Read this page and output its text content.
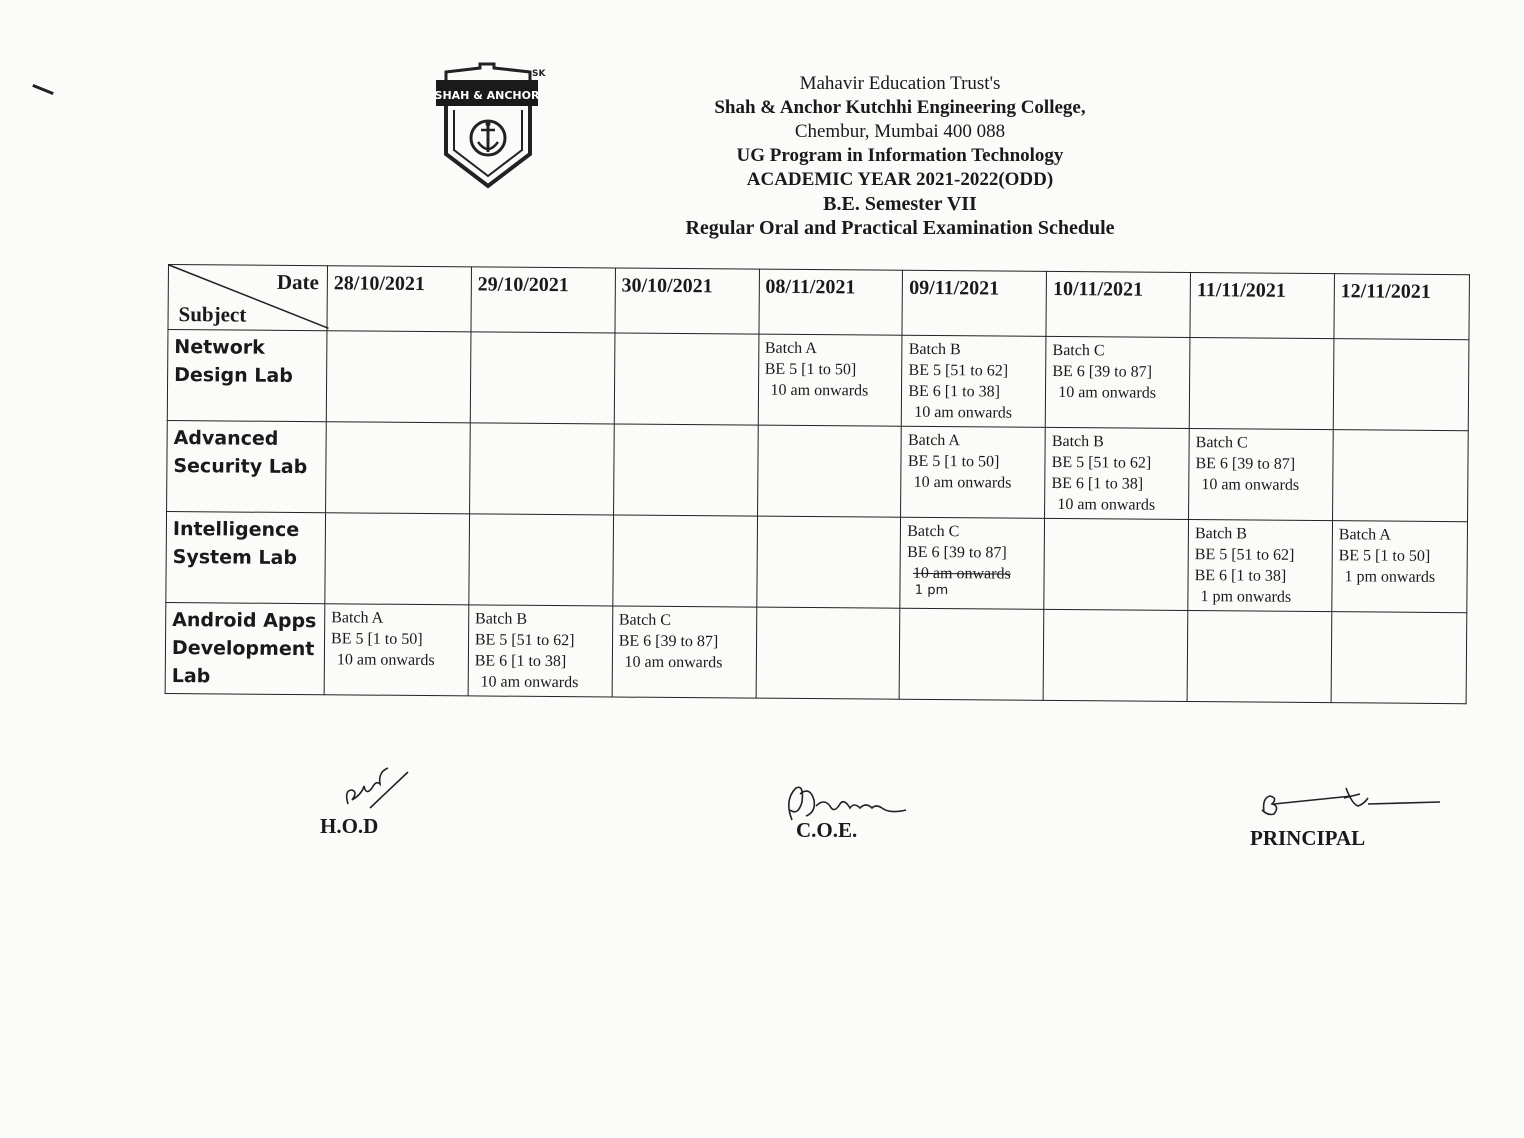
SHAH & ANCHOR
SK	Mahavir Education Trust's
Shah & Anchor Kutchhi Engineering College,
Chembur, Mumbai 400 088
UG Program in Information Technology
ACADEMIC YEAR 2021-2022(ODD)
B.E. Semester VII
Regular Oral and Practical Examination Schedule
Date
Subject	28/10/2021	29/10/2021	30/10/2021	08/11/2021	09/11/2021	10/11/2021	11/11/2021	12/11/2021

Network
Design Lab				Batch A
BE 5 [1 to 50]
10 am onwards	Batch B
BE 5 [51 to 62]
BE 6 [1 to 38]
10 am onwards	Batch C
BE 6 [39 to 87]
10 am onwards		

Advanced
Security Lab					Batch A
BE 5 [1 to 50]
10 am onwards	Batch B
BE 5 [51 to 62]
BE 6 [1 to 38]
10 am onwards	Batch C
BE 6 [39 to 87]
10 am onwards	

Intelligence
System Lab					Batch C
BE 6 [39 to 87]
10 am onwards
1 pm		Batch B
BE 5 [51 to 62]
BE 6 [1 to 38]
1 pm onwards	Batch A
BE 5 [1 to 50]
1 pm onwards

Android Apps
Development
Lab	Batch A
BE 5 [1 to 50]
10 am onwards	Batch B
BE 5 [51 to 62]
BE 6 [1 to 38]
10 am onwards	Batch C
BE 6 [39 to 87]
10 am onwards					

H.O.D	C.O.E.	PRINCIPAL
